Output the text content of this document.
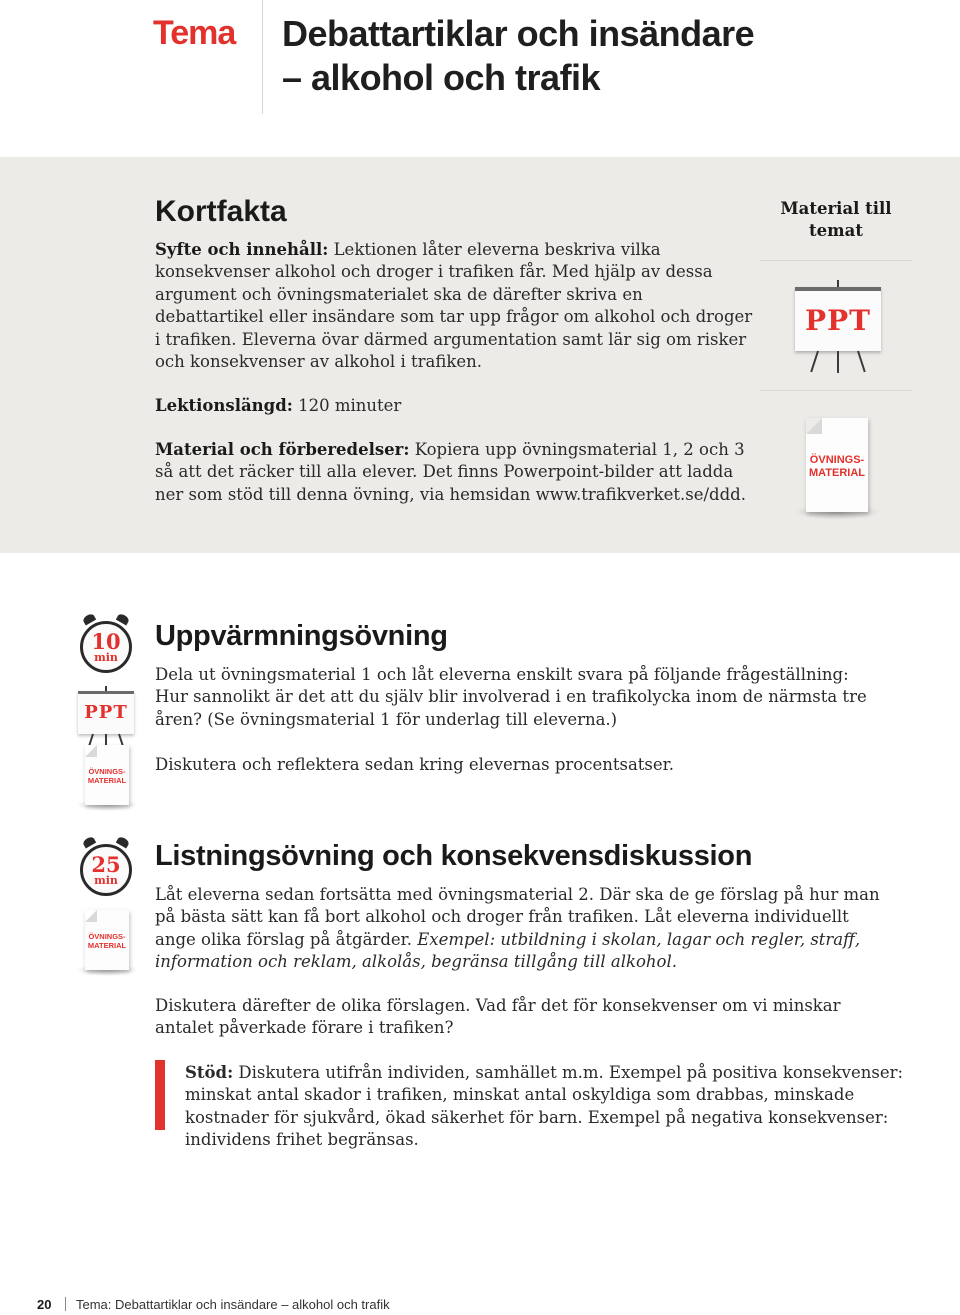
Tema Debattartiklar och insändare
– alkohol och trafik
Kortfakta
Syfte och innehåll: Lektionen låter eleverna beskriva vilka konsekvenser alkohol och droger i trafiken får. Med hjälp av dessa argument och övningsmaterialet ska de därefter skriva en debattartikel eller insändare som tar upp frågor om alkohol och droger i trafiken. Eleverna övar därmed argumentation samt lär sig om risker och konsekvenser av alkohol i trafiken.
Lektionslängd: 120 minuter
Material och förberedelser: Kopiera upp övningsmaterial 1, 2 och 3 så att det räcker till alla elever. Det finns Powerpoint-bilder att ladda ner som stöd till denna övning, via hemsidan www.trafikverket.se/ddd.
Material till temat
PPT
ÖVNINGS-
MATERIAL
10
min
PPT
ÖVNINGS-
MATERIAL
Uppvärmningsövning
Dela ut övningsmaterial 1 och låt eleverna enskilt svara på följande frågeställning: Hur sannolikt är det att du själv blir involverad i en trafikolycka inom de närmsta tre åren? (Se övningsmaterial 1 för underlag till eleverna.)
Diskutera och reflektera sedan kring elevernas procentsatser.
25
min
ÖVNINGS-
MATERIAL
Listningsövning och konsekvensdiskussion
Låt eleverna sedan fortsätta med övningsmaterial 2. Där ska de ge förslag på hur man på bästa sätt kan få bort alkohol och droger från trafiken. Låt eleverna individuellt ange olika förslag på åtgärder. Exempel: utbildning i skolan, lagar och regler, straff, information och reklam, alkolås, begränsa tillgång till alkohol.
Diskutera därefter de olika förslagen. Vad får det för konsekvenser om vi minskar antalet påverkade förare i trafiken?
Stöd: Diskutera utifrån individen, samhället m.m. Exempel på positiva konsekvenser: minskat antal skador i trafiken, minskat antal oskyldiga som drabbas, minskade kostnader för sjukvård, ökad säkerhet för barn. Exempel på negativa konsekvenser: individens frihet begränsas.
20 Tema: Debattartiklar och insändare – alkohol och trafik
